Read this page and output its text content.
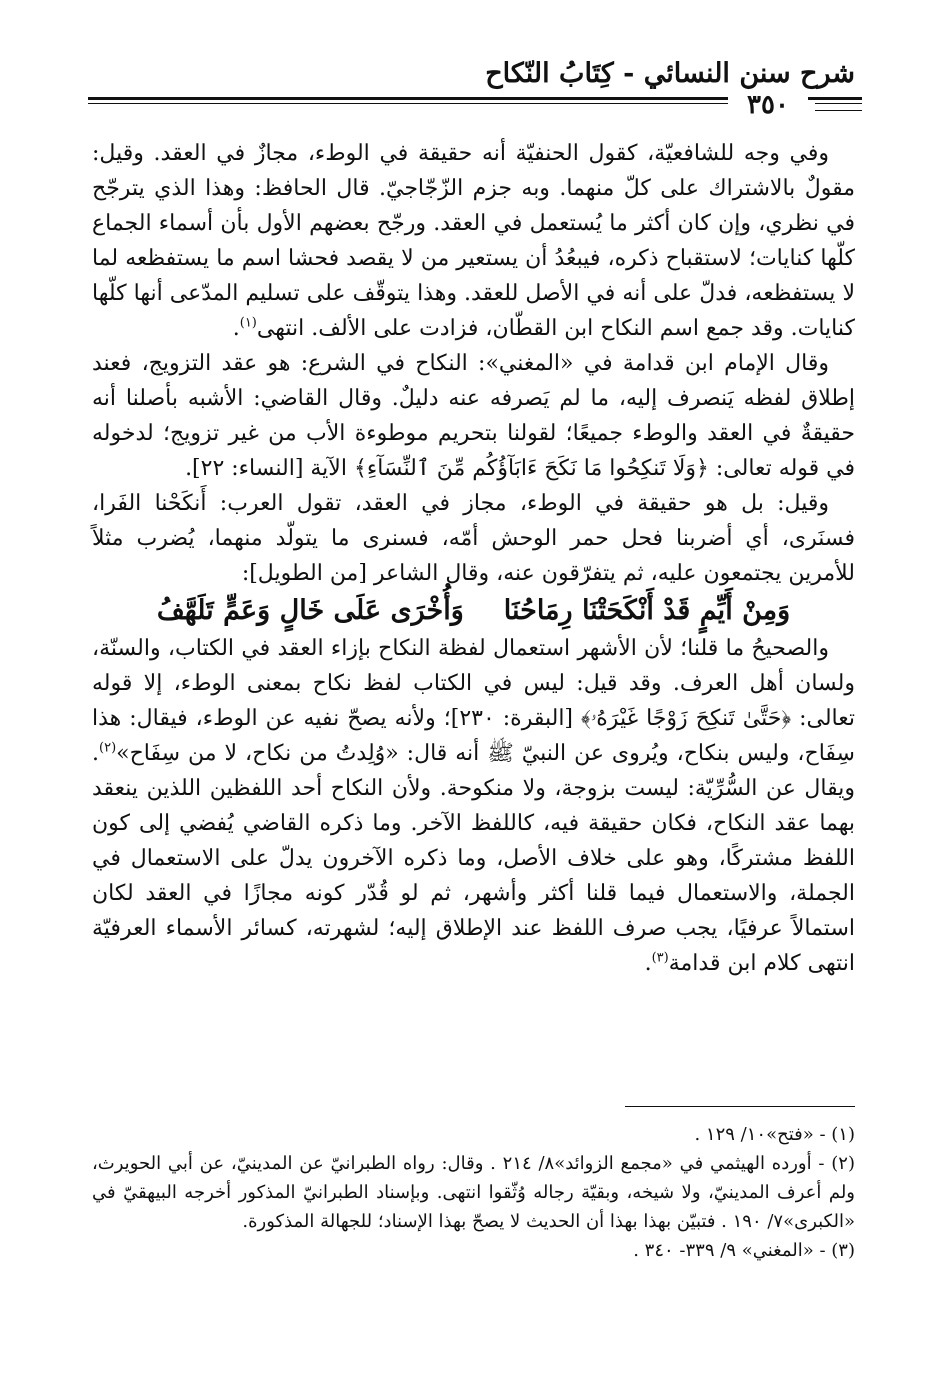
شرح سنن النسائي - كِتَابُ النّكاح
٣٥٠

وفي وجه للشافعيّة، كقول الحنفيّة أنه حقيقة في الوطء، مجازٌ في العقد. وقيل: مقولٌ بالاشتراك على كلّ منهما. وبه جزم الزّجّاجيّ. قال الحافظ: وهذا الذي يترجّح في نظري، وإن كان أكثر ما يُستعمل في العقد. ورجّح بعضهم الأول بأن أسماء الجماع كلّها كنايات؛ لاستقباح ذكره، فيبعُدُ أن يستعير من لا يقصد فحشا اسم ما يستفظعه لما لا يستفظعه، فدلّ على أنه في الأصل للعقد. وهذا يتوقّف على تسليم المدّعى أنها كلّها كنايات. وقد جمع اسم النكاح ابن القطّان، فزادت على الألف. انتهى$^{(١)}$.

وقال الإمام ابن قدامة في «المغني»: النكاح في الشرع: هو عقد التزويج، فعند إطلاق لفظه يَنصرف إليه، ما لم يَصرفه عنه دليلٌ. وقال القاضي: الأشبه بأصلنا أنه حقيقةٌ في العقد والوطء جميعًا؛ لقولنا بتحريم موطوءة الأب من غير تزويج؛ لدخوله في قوله تعالى: ﴿وَلَا تَنكِحُوا مَا نَكَحَ ءَابَآؤُكُم مِّنَ ٱلنِّسَآءِ﴾ الآية [النساء: ٢٢].

وقيل: بل هو حقيقة في الوطء، مجاز في العقد، تقول العرب: أَنكَحْنا الفَرا، فسنَرى، أي أضربنا فحل حمر الوحش أمّه، فسنرى ما يتولّد منهما، يُضرب مثلاً للأمرين يجتمعون عليه، ثم يتفرّقون عنه، وقال الشاعر [من الطويل]:

وَمِنْ أَيِّمٍ قَدْ أَنْكَحَتْنَا رِمَاحُنَاوَأُخْرَى عَلَى خَالٍ وَعَمٍّ تَلَهَّفُ

والصحيحُ ما قلنا؛ لأن الأشهر استعمال لفظة النكاح بإزاء العقد في الكتاب، والسنّة، ولسان أهل العرف. وقد قيل: ليس في الكتاب لفظ نكاح بمعنى الوطء، إلا قوله تعالى: ﴿حَتَّىٰ تَنكِحَ زَوْجًا غَيْرَهُۥ﴾ [البقرة: ٢٣٠]؛ ولأنه يصحّ نفيه عن الوطء، فيقال: هذا سِفَاح، وليس بنكاح، ويُروى عن النبيّ ﷺ أنه قال: «وُلِدتُ من نكاح، لا من سِفَاح»$^{(٢)}$. ويقال عن السُّرِّيّة: ليست بزوجة، ولا منكوحة. ولأن النكاح أحد اللفظين اللذين ينعقد بهما عقد النكاح، فكان حقيقة فيه، كاللفظ الآخر. وما ذكره القاضي يُفضي إلى كون اللفظ مشتركًا، وهو على خلاف الأصل، وما ذكره الآخرون يدلّ على الاستعمال في الجملة، والاستعمال فيما قلنا أكثر وأشهر، ثم لو قُدّر كونه مجازًا في العقد لكان استمالاً عرفيًا، يجب صرف اللفظ عند الإطلاق إليه؛ لشهرته، كسائر الأسماء العرفيّة انتهى كلام ابن قدامة$^{(٣)}$.

(١) - «فتح»١٠/ ١٢٩ .

(٢) - أورده الهيثمي في «مجمع الزوائد»٨/ ٢١٤ . وقال: رواه الطبرانيّ عن المدينيّ، عن أبي الحويرث، ولم أعرف المدينيّ، ولا شيخه، وبقيّة رجاله وُثّقوا انتهى. وبإسناد الطبرانيّ المذكور أخرجه البيهقيّ في «الكبرى»٧/ ١٩٠ . فتبيّن بهذا بهذا أن الحديث لا يصحّ بهذا الإسناد؛ للجهالة المذكورة.

(٣) - «المغني» ٩/ ٣٣٩- ٣٤٠ .
